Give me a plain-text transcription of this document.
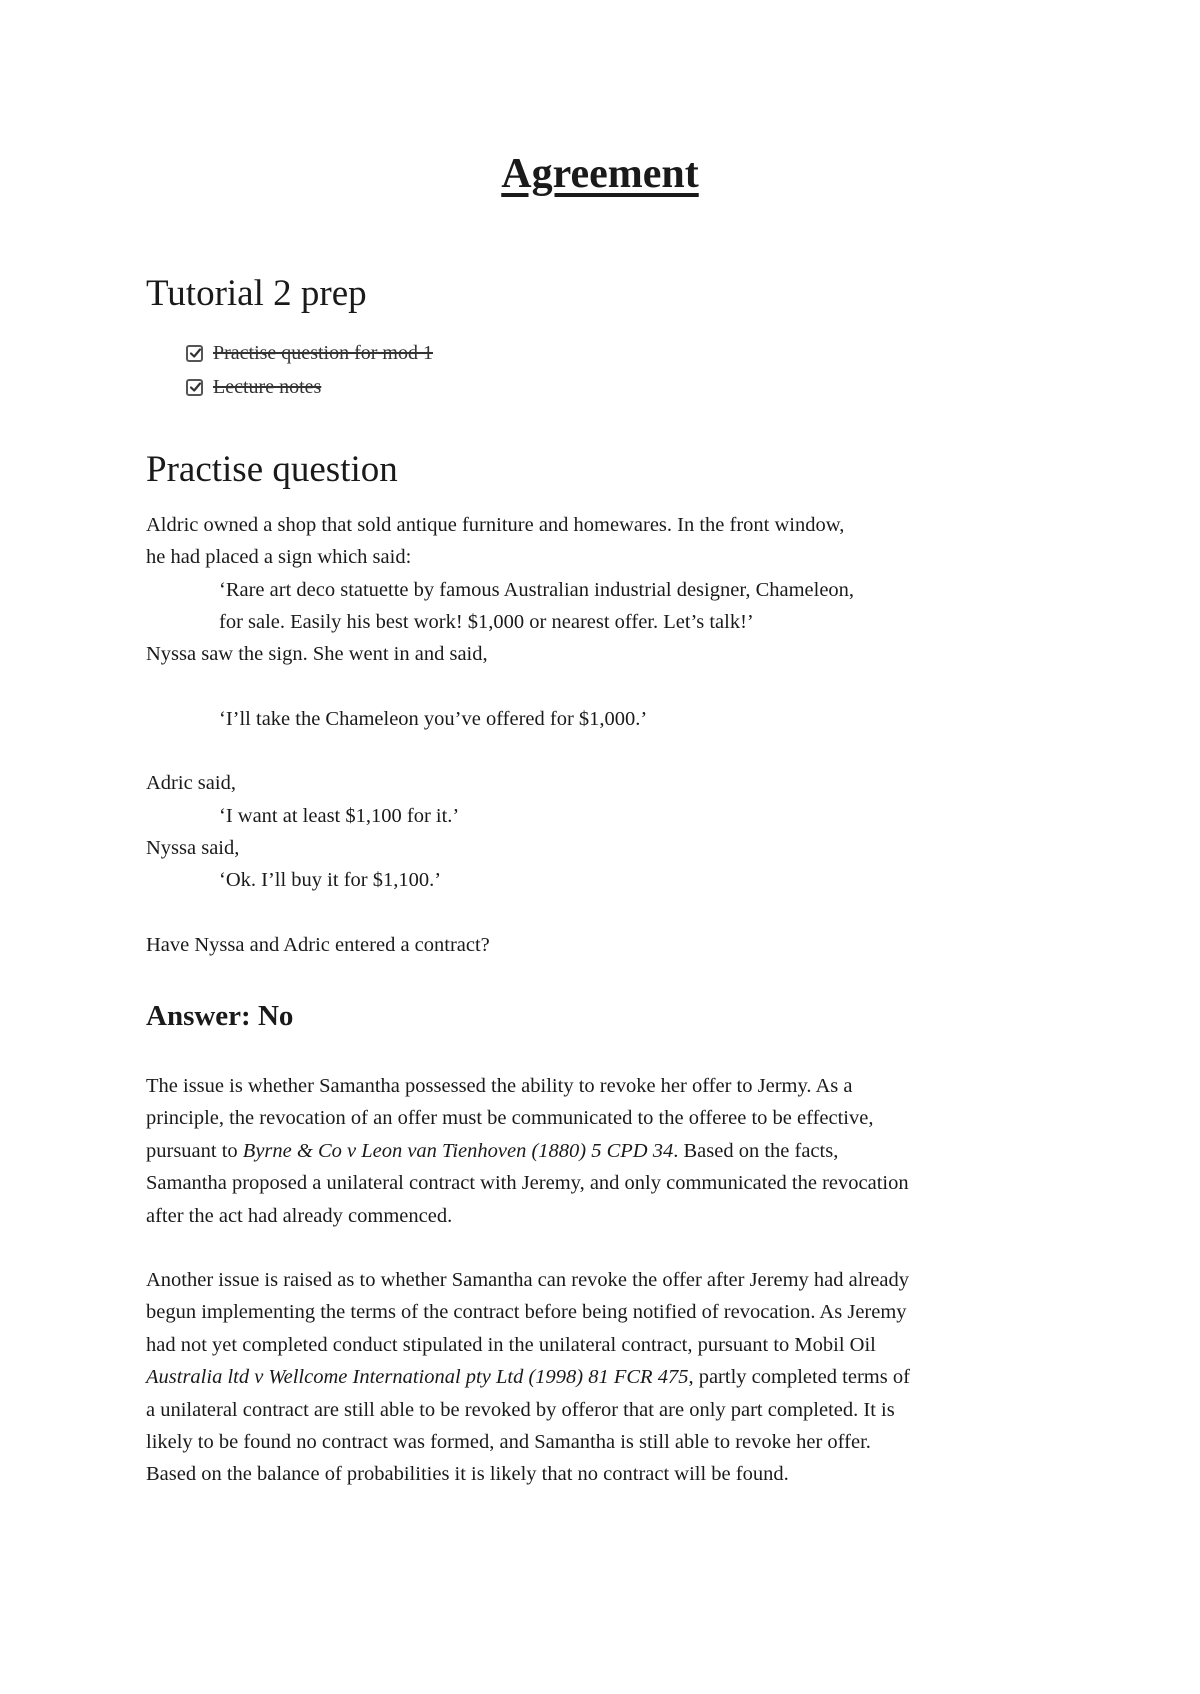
Agreement
Tutorial 2 prep
Practise question for mod 1
Lecture notes
Practise question
Aldric owned a shop that sold antique furniture and homewares. In the front window,
he had placed a sign which said:
‘Rare art deco statuette by famous Australian industrial designer, Chameleon,
for sale. Easily his best work! $1,000 or nearest offer. Let’s talk!’
Nyssa saw the sign. She went in and said,
‘I’ll take the Chameleon you’ve offered for $1,000.’
Adric said,
‘I want at least $1,100 for it.’
Nyssa said,
‘Ok. I’ll buy it for $1,100.’
Have Nyssa and Adric entered a contract?
Answer: No
The issue is whether Samantha possessed the ability to revoke her offer to Jermy. As a
principle, the revocation of an offer must be communicated to the offeree to be effective,
pursuant to Byrne & Co v Leon van Tienhoven (1880) 5 CPD 34. Based on the facts,
Samantha proposed a unilateral contract with Jeremy, and only communicated the revocation
after the act had already commenced.
Another issue is raised as to whether Samantha can revoke the offer after Jeremy had already
begun implementing the terms of the contract before being notified of revocation. As Jeremy
had not yet completed conduct stipulated in the unilateral contract, pursuant to Mobil Oil
Australia ltd v Wellcome International pty Ltd (1998) 81 FCR 475, partly completed terms of
a unilateral contract are still able to be revoked by offeror that are only part completed. It is
likely to be found no contract was formed, and Samantha is still able to revoke her offer.
Based on the balance of probabilities it is likely that no contract will be found.
